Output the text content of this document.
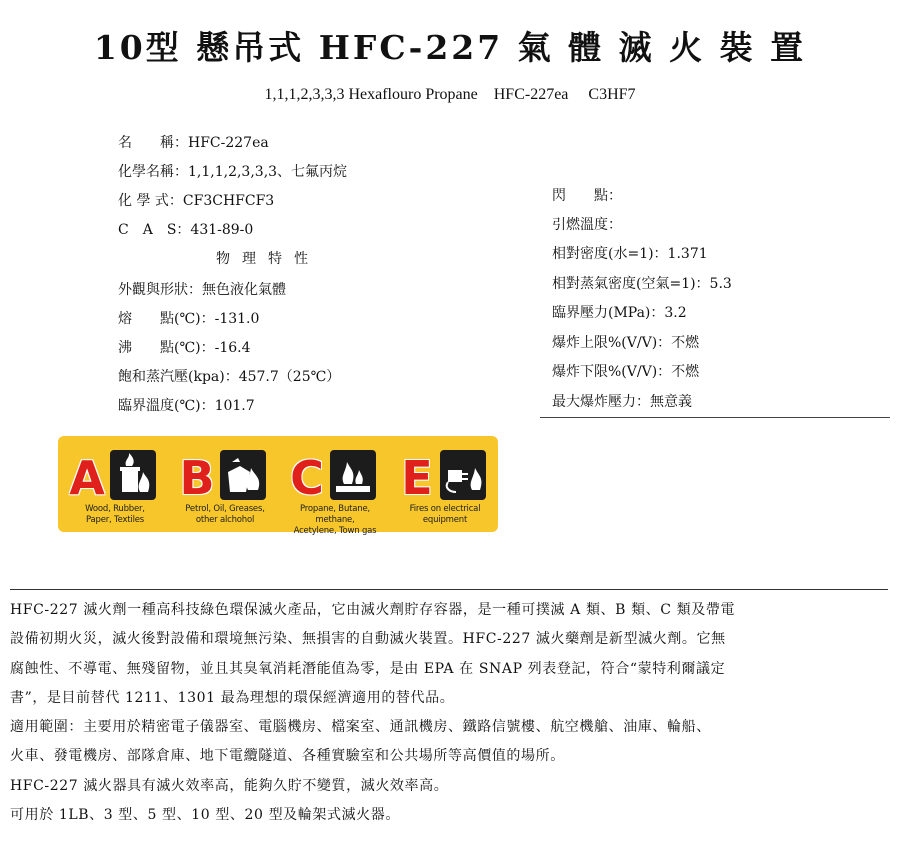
10型 懸吊式 HFC-227 氣 體 滅 火 裝 置
1,1,1,2,3,3,3 Hexaflouro Propane    HFC-227ea     C3HF7
名　　稱：HFC-227ea
化學名稱：1,1,1,2,3,3,3、七氟丙烷
化 學 式：CF3CHFCF3
C　A　S：431-89-0
物理特性
外觀與形狀：無色液化氣體
熔　　點(℃)：-131.0
沸　　點(℃)：-16.4
飽和蒸汽壓(kpa)：457.7（25℃）
臨界溫度(℃)：101.7
閃　　點：
引燃溫度：
相對密度(水=1)：1.371
相對蒸氣密度(空氣=1)：5.3
臨界壓力(MPa)：3.2
爆炸上限%(V/V)：不燃
爆炸下限%(V/V)：不燃
最大爆炸壓力：無意義
A
Wood, Rubber,
Paper, Textiles
B
Petrol, Oil, Greases,
other alchohol
C
Propane, Butane, methane,
Acetylene, Town gas
E
Fires on electrical
equipment
HFC-227 滅火劑一種高科技綠色環保滅火產品，它由滅火劑貯存容器，是一種可撲滅 A 類、B 類、C 類及帶電
設備初期火災，滅火後對設備和環境無污染、無損害的自動滅火裝置。HFC-227 滅火藥劑是新型滅火劑。它無
腐蝕性、不導電、無殘留物，並且其臭氧消耗潛能值為零，是由 EPA 在 SNAP 列表登記，符合“蒙特利爾議定
書”，是目前替代 1211、1301 最為理想的環保經濟適用的替代品。
適用範圍：主要用於精密電子儀器室、電腦機房、檔案室、通訊機房、鐵路信號樓、航空機艙、油庫、輪船、
火車、發電機房、部隊倉庫、地下電纜隧道、各種實驗室和公共場所等高價值的場所。
HFC-227 滅火器具有滅火效率高，能夠久貯不變質，滅火效率高。
可用於 1LB、3 型、5 型、10 型、20 型及輪架式滅火器。
